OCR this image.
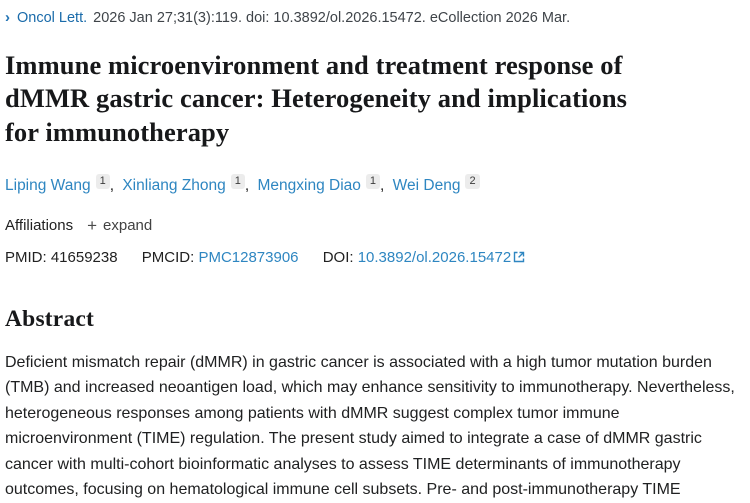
› Oncol Lett. 2026 Jan 27;31(3):119. doi: 10.3892/ol.2026.15472. eCollection 2026 Mar.
Immune microenvironment and treatment response of dMMR gastric cancer: Heterogeneity and implications for immunotherapy
Liping Wang 1 , Xinliang Zhong 1 , Mengxing Diao 1 , Wei Deng 2
Affiliations + expand
PMID: 41659238 PMCID: PMC12873906 DOI: 10.3892/ol.2026.15472
Abstract

Deficient mismatch repair (dMMR) in gastric cancer is associated with a high tumor mutation burden (TMB) and increased neoantigen load, which may enhance sensitivity to immunotherapy. Nevertheless, heterogeneous responses among patients with dMMR suggest complex tumor immune microenvironment (TIME) regulation. The present study aimed to integrate a case of dMMR gastric cancer with multi-cohort bioinformatic analyses to assess TIME determinants of immunotherapy outcomes, focusing on hematological immune cell subsets. Pre- and post-immunotherapy TIME
